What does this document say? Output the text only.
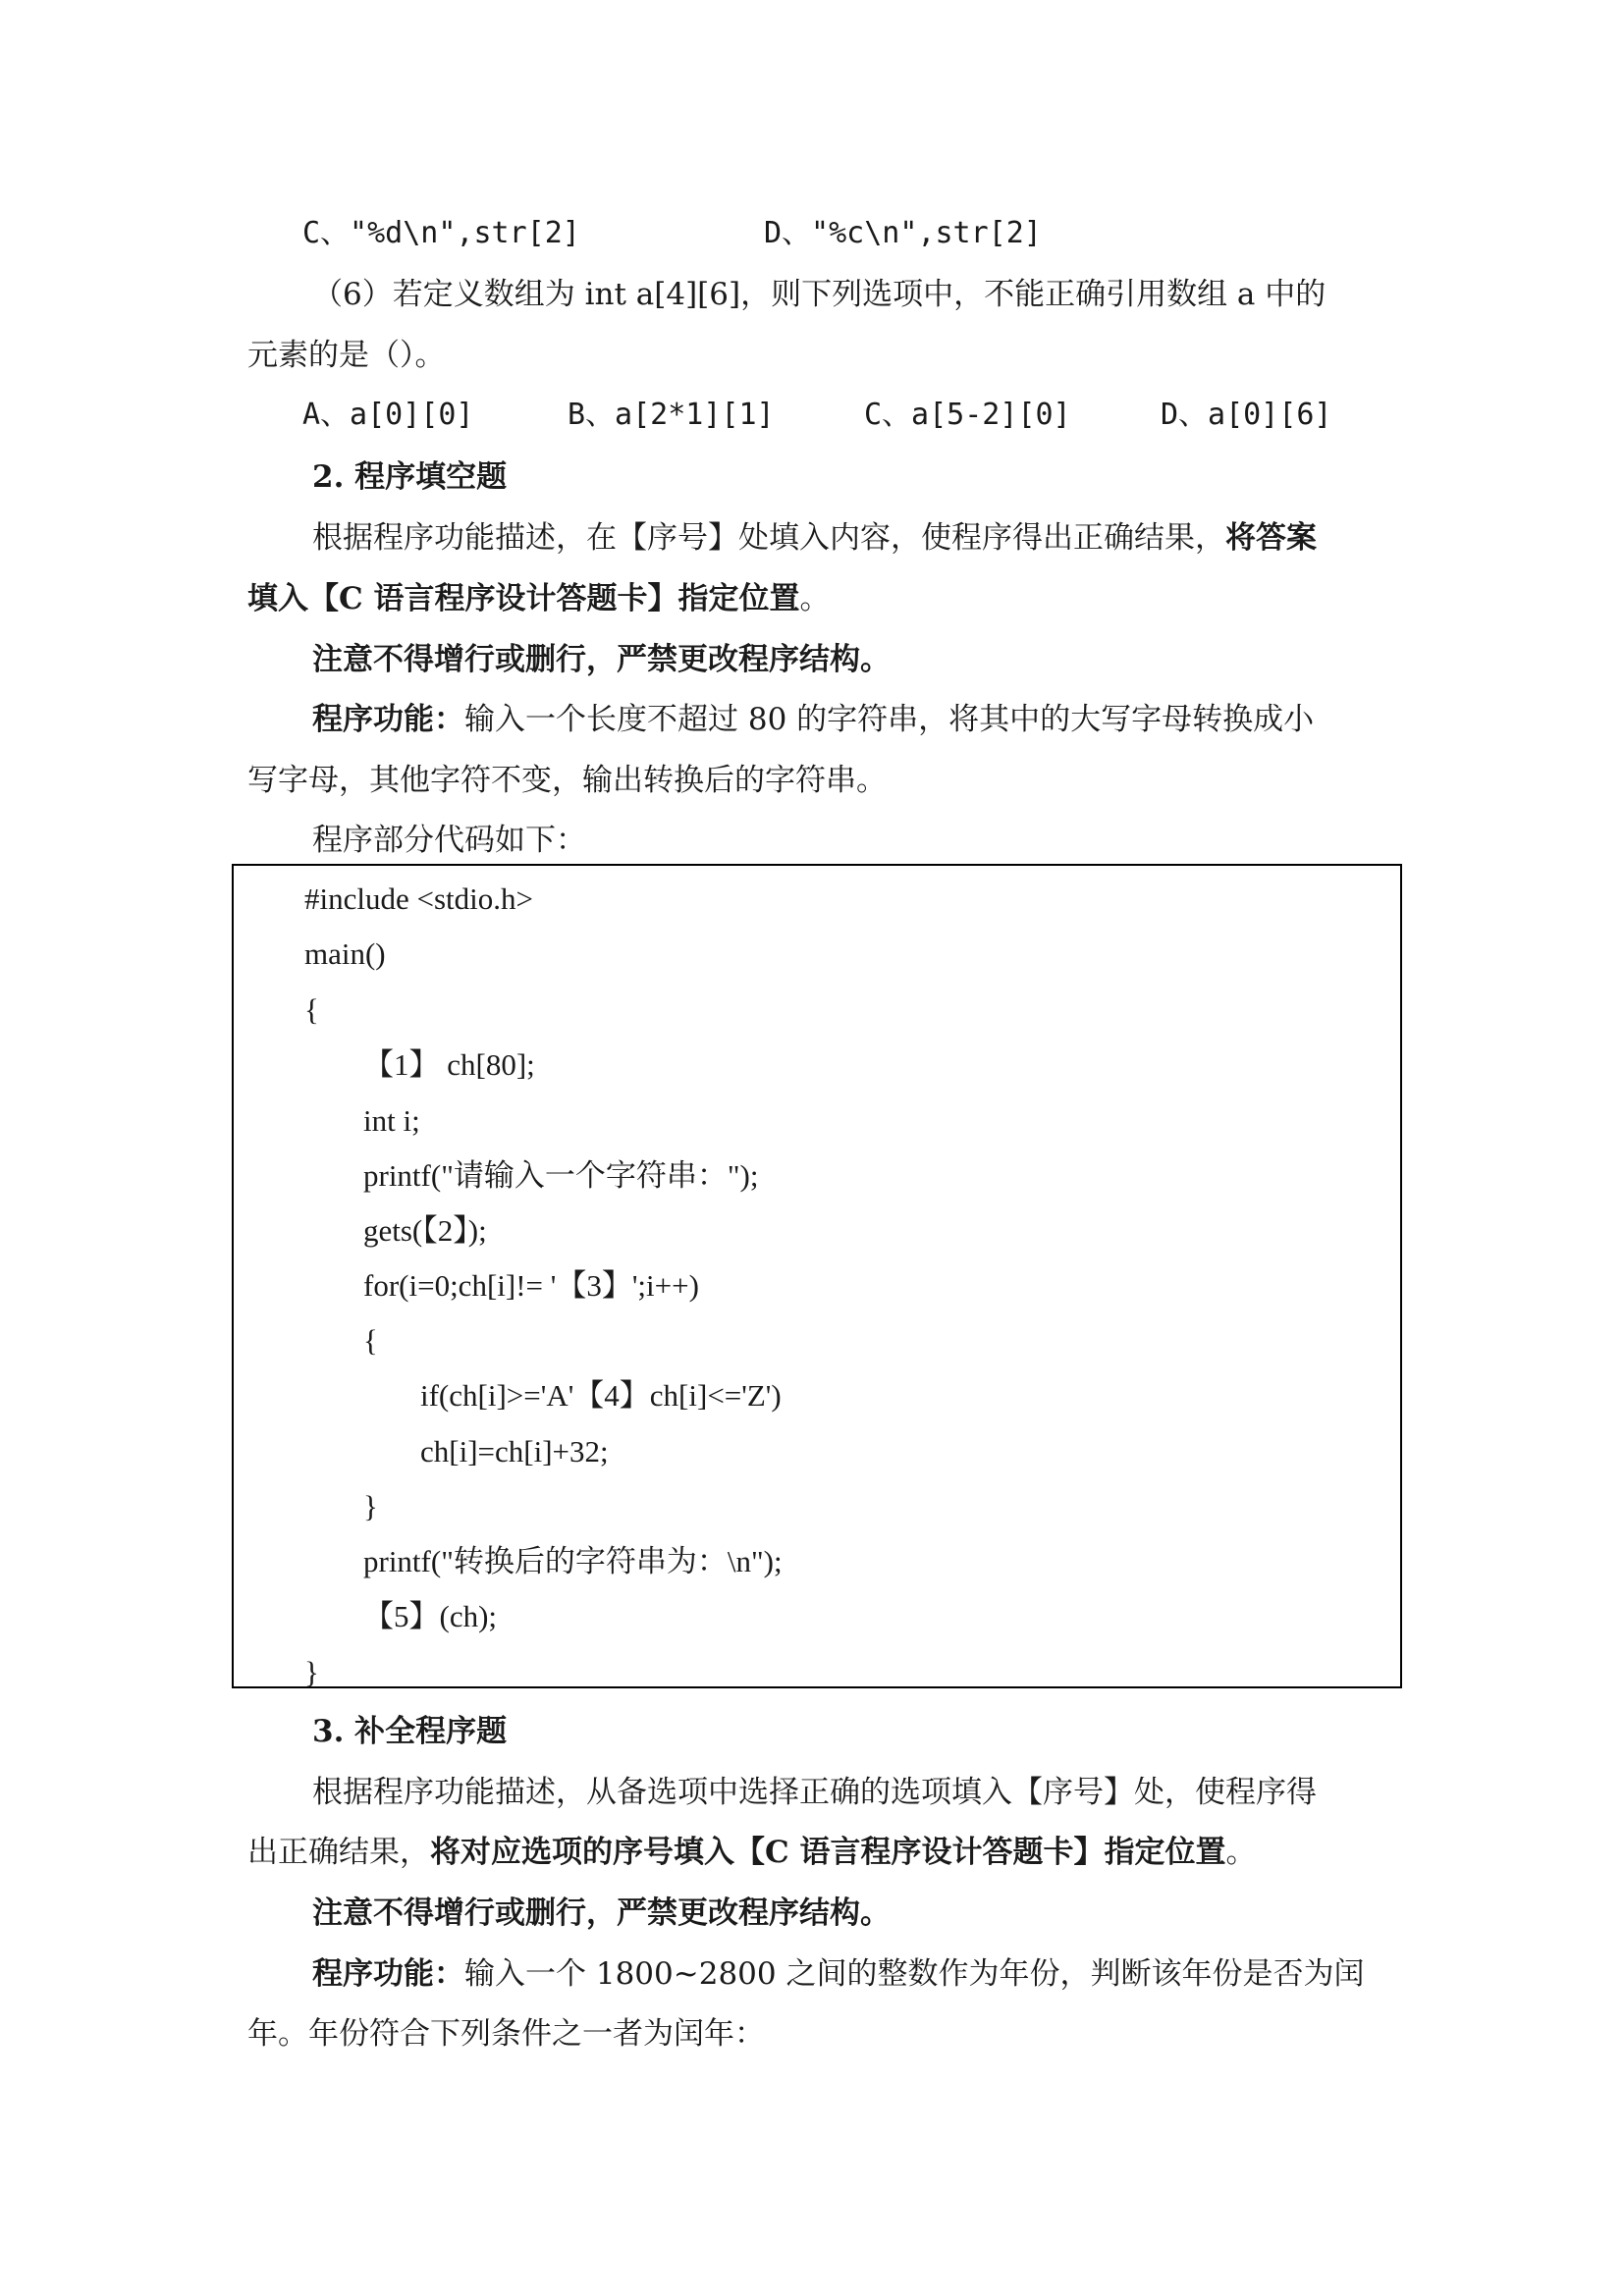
C、"%d\n",str[2]	D、"%c\n",str[2]
（6）若定义数组为 int a[4][6]，则下列选项中，不能正确引用数组 a 中的
元素的是（）。
A、a[0][0]	B、a[2*1][1]	C、a[5-2][0]	D、a[0][6]
2. 程序填空题
根据程序功能描述，在【序号】处填入内容，使程序得出正确结果，将答案
填入【C 语言程序设计答题卡】指定位置。
注意不得增行或删行，严禁更改程序结构。
程序功能：输入一个长度不超过 80 的字符串，将其中的大写字母转换成小
写字母，其他字符不变，输出转换后的字符串。
程序部分代码如下：
#include <stdio.h>
main()
{
【1】 ch[80];
int i;
printf("请输入一个字符串：");
gets(【2】);
for(i=0;ch[i]!= '【3】';i++)
{
if(ch[i]>='A'【4】ch[i]<='Z')
ch[i]=ch[i]+32;
}
printf("转换后的字符串为：\n");
【5】(ch);
}
3. 补全程序题
根据程序功能描述，从备选项中选择正确的选项填入【序号】处，使程序得
出正确结果，将对应选项的序号填入【C 语言程序设计答题卡】指定位置。
注意不得增行或删行，严禁更改程序结构。
程序功能：输入一个 1800~2800 之间的整数作为年份，判断该年份是否为闰
年。年份符合下列条件之一者为闰年：
